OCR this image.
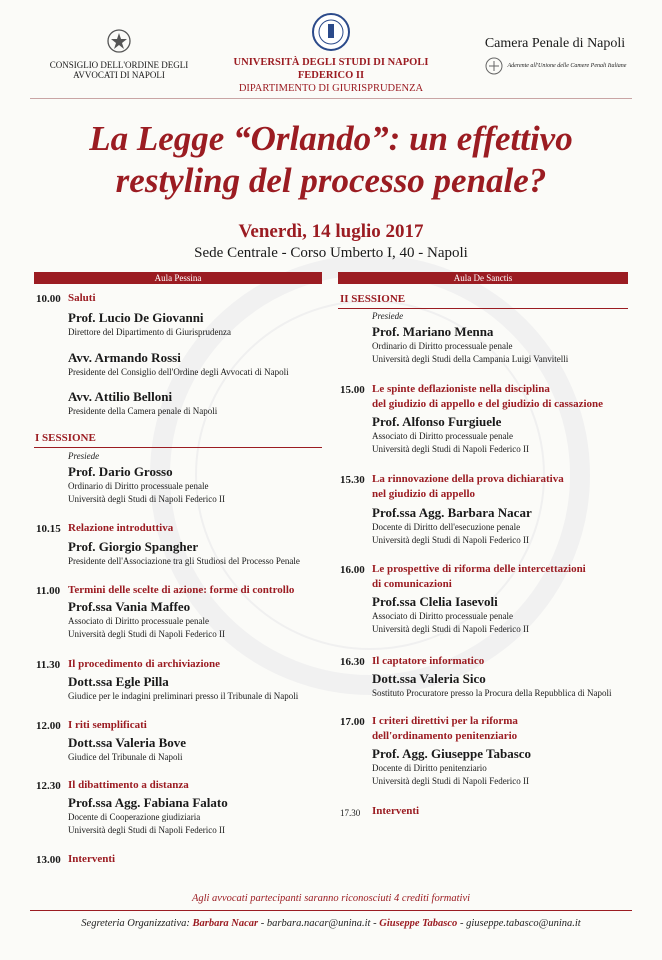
CONSIGLIO DELL'ORDINE DEGLI AVVOCATI DI NAPOLI
UNIVERSITÀ DEGLI STUDI DI NAPOLI FEDERICO II
DIPARTIMENTO DI GIURISPRUDENZA
Camera Penale di Napoli
Aderente all'Unione delle Camere Penali Italiane
La Legge “Orlando”: un effettivo
restyling del processo penale?
Venerdì, 14 luglio 2017
Sede Centrale - Corso Umberto I, 40 - Napoli
Aula Pessina
10.00 Saluti
Prof. Lucio De Giovanni
Direttore del Dipartimento di Giurisprudenza
Avv. Armando Rossi
Presidente del Consiglio dell'Ordine degli Avvocati di Napoli
Avv. Attilio Belloni
Presidente della Camera penale di Napoli
I SESSIONE
Presiede
Prof. Dario Grosso
Ordinario di Diritto processuale penale
Università degli Studi di Napoli Federico II
10.15 Relazione introduttiva
Prof. Giorgio Spangher
Presidente dell'Associazione tra gli Studiosi del Processo Penale
11.00 Termini delle scelte di azione: forme di controllo
Prof.ssa Vania Maffeo
Associato di Diritto processuale penale
Università degli Studi di Napoli Federico II
11.30 Il procedimento di archiviazione
Dott.ssa Egle Pilla
Giudice per le indagini preliminari presso il Tribunale di Napoli
12.00 I riti semplificati
Dott.ssa Valeria Bove
Giudice del Tribunale di Napoli
12.30 Il dibattimento a distanza
Prof.ssa Agg. Fabiana Falato
Docente di Cooperazione giudiziaria
Università degli Studi di Napoli Federico II
13.00 Interventi
Aula De Sanctis
II SESSIONE
Presiede
Prof. Mariano Menna
Ordinario di Diritto processuale penale
Università degli Studi della Campania Luigi Vanvitelli
15.00 Le spinte deflazioniste nella disciplina
del giudizio di appello e del giudizio di cassazione
Prof. Alfonso Furgiuele
Associato di Diritto processuale penale
Università degli Studi di Napoli Federico II
15.30 La rinnovazione della prova dichiarativa
nel giudizio di appello
Prof.ssa Agg. Barbara Nacar
Docente di Diritto dell'esecuzione penale
Università degli Studi di Napoli Federico II
16.00 Le prospettive di riforma delle intercettazioni
di comunicazioni
Prof.ssa Clelia Iasevoli
Associato di Diritto processuale penale
Università degli Studi di Napoli Federico II
16.30 Il captatore informatico
Dott.ssa Valeria Sico
Sostituto Procuratore presso la Procura della Repubblica di Napoli
17.00 I criteri direttivi per la riforma
dell'ordinamento penitenziario
Prof. Agg. Giuseppe Tabasco
Docente di Diritto penitenziario
Università degli Studi di Napoli Federico II
17.30 Interventi
Agli avvocati partecipanti saranno riconosciuti 4 crediti formativi
Segreteria Organizzativa: Barbara Nacar - barbara.nacar@unina.it - Giuseppe Tabasco - giuseppe.tabasco@unina.it
